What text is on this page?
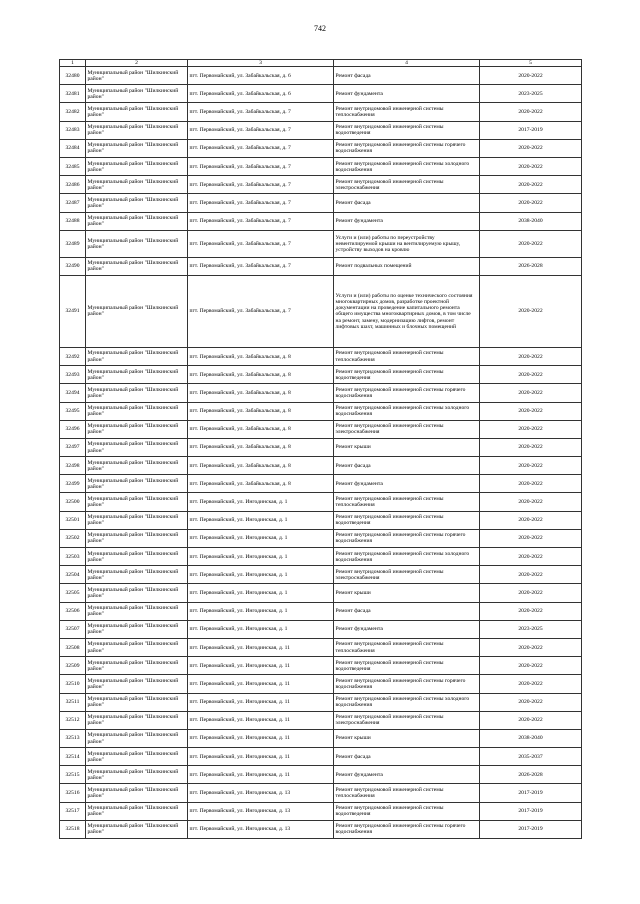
742
1	2	3	4	5
32480	Муниципальный район "Шилкинский район"	пгт. Первомайский, ул. Забайкальская, д. 6	Ремонт фасада	2020-2022
32481	Муниципальный район "Шилкинский район"	пгт. Первомайский, ул. Забайкальская, д. 6	Ремонт фундамента	2023-2025
32482	Муниципальный район "Шилкинский район"	пгт. Первомайский, ул. Забайкальская, д. 7	Ремонт внутридомовой инженерной системы теплоснабжения	2020-2022
32483	Муниципальный район "Шилкинский район"	пгт. Первомайский, ул. Забайкальская, д. 7	Ремонт внутридомовой инженерной системы водоотведения	2017-2019
32484	Муниципальный район "Шилкинский район"	пгт. Первомайский, ул. Забайкальская, д. 7	Ремонт внутридомовой инженерной системы горячего водоснабжения	2020-2022
32485	Муниципальный район "Шилкинский район"	пгт. Первомайский, ул. Забайкальская, д. 7	Ремонт внутридомовой инженерной системы холодного водоснабжения	2020-2022
32486	Муниципальный район "Шилкинский район"	пгт. Первомайский, ул. Забайкальская, д. 7	Ремонт внутридомовой инженерной системы электроснабжения	2020-2022
32487	Муниципальный район "Шилкинский район"	пгт. Первомайский, ул. Забайкальская, д. 7	Ремонт фасада	2020-2022
32488	Муниципальный район "Шилкинский район"	пгт. Первомайский, ул. Забайкальская, д. 7	Ремонт фундамента	2038-2040
32489	Муниципальный район "Шилкинский район"	пгт. Первомайский, ул. Забайкальская, д. 7	Услуги и (или) работы по переустройству невентилируемой крыши на вентилируемую крышу, устройству выходов на кровлю	2020-2022
32490	Муниципальный район "Шилкинский район"	пгт. Первомайский, ул. Забайкальская, д. 7	Ремонт подвальных помещений	2026-2028
32491	Муниципальный район "Шилкинский район"	пгт. Первомайский, ул. Забайкальская, д. 7	Услуги и (или) работы по оценке технического состояния многоквартирных домов, разработке проектной документации на проведение капитального ремонта общего имущества многоквартирных домов, в том числе на ремонт, замену, модернизацию лифтов, ремонт лифтовых шахт, машинных и блочных помещений	2020-2022
32492	Муниципальный район "Шилкинский район"	пгт. Первомайский, ул. Забайкальская, д. 8	Ремонт внутридомовой инженерной системы теплоснабжения	2020-2022
32493	Муниципальный район "Шилкинский район"	пгт. Первомайский, ул. Забайкальская, д. 8	Ремонт внутридомовой инженерной системы водоотведения	2020-2022
32494	Муниципальный район "Шилкинский район"	пгт. Первомайский, ул. Забайкальская, д. 8	Ремонт внутридомовой инженерной системы горячего водоснабжения	2020-2022
32495	Муниципальный район "Шилкинский район"	пгт. Первомайский, ул. Забайкальская, д. 8	Ремонт внутридомовой инженерной системы холодного водоснабжения	2020-2022
32496	Муниципальный район "Шилкинский район"	пгт. Первомайский, ул. Забайкальская, д. 8	Ремонт внутридомовой инженерной системы электроснабжения	2020-2022
32497	Муниципальный район "Шилкинский район"	пгт. Первомайский, ул. Забайкальская, д. 8	Ремонт крыши	2020-2022
32498	Муниципальный район "Шилкинский район"	пгт. Первомайский, ул. Забайкальская, д. 8	Ремонт фасада	2020-2022
32499	Муниципальный район "Шилкинский район"	пгт. Первомайский, ул. Забайкальская, д. 8	Ремонт фундамента	2020-2022
32500	Муниципальный район "Шилкинский район"	пгт. Первомайский, ул. Ингодинская, д. 1	Ремонт внутридомовой инженерной системы теплоснабжения	2020-2022
32501	Муниципальный район "Шилкинский район"	пгт. Первомайский, ул. Ингодинская, д. 1	Ремонт внутридомовой инженерной системы водоотведения	2020-2022
32502	Муниципальный район "Шилкинский район"	пгт. Первомайский, ул. Ингодинская, д. 1	Ремонт внутридомовой инженерной системы горячего водоснабжения	2020-2022
32503	Муниципальный район "Шилкинский район"	пгт. Первомайский, ул. Ингодинская, д. 1	Ремонт внутридомовой инженерной системы холодного водоснабжения	2020-2022
32504	Муниципальный район "Шилкинский район"	пгт. Первомайский, ул. Ингодинская, д. 1	Ремонт внутридомовой инженерной системы электроснабжения	2020-2022
32505	Муниципальный район "Шилкинский район"	пгт. Первомайский, ул. Ингодинская, д. 1	Ремонт крыши	2020-2022
32506	Муниципальный район "Шилкинский район"	пгт. Первомайский, ул. Ингодинская, д. 1	Ремонт фасада	2020-2022
32507	Муниципальный район "Шилкинский район"	пгт. Первомайский, ул. Ингодинская, д. 1	Ремонт фундамента	2023-2025
32508	Муниципальный район "Шилкинский район"	пгт. Первомайский, ул. Ингодинская, д. 11	Ремонт внутридомовой инженерной системы теплоснабжения	2020-2022
32509	Муниципальный район "Шилкинский район"	пгт. Первомайский, ул. Ингодинская, д. 11	Ремонт внутридомовой инженерной системы водоотведения	2020-2022
32510	Муниципальный район "Шилкинский район"	пгт. Первомайский, ул. Ингодинская, д. 11	Ремонт внутридомовой инженерной системы горячего водоснабжения	2020-2022
32511	Муниципальный район "Шилкинский район"	пгт. Первомайский, ул. Ингодинская, д. 11	Ремонт внутридомовой инженерной системы холодного водоснабжения	2020-2022
32512	Муниципальный район "Шилкинский район"	пгт. Первомайский, ул. Ингодинская, д. 11	Ремонт внутридомовой инженерной системы электроснабжения	2020-2022
32513	Муниципальный район "Шилкинский район"	пгт. Первомайский, ул. Ингодинская, д. 11	Ремонт крыши	2038-2040
32514	Муниципальный район "Шилкинский район"	пгт. Первомайский, ул. Ингодинская, д. 11	Ремонт фасада	2035-2037
32515	Муниципальный район "Шилкинский район"	пгт. Первомайский, ул. Ингодинская, д. 11	Ремонт фундамента	2026-2028
32516	Муниципальный район "Шилкинский район"	пгт. Первомайский, ул. Ингодинская, д. 13	Ремонт внутридомовой инженерной системы теплоснабжения	2017-2019
32517	Муниципальный район "Шилкинский район"	пгт. Первомайский, ул. Ингодинская, д. 13	Ремонт внутридомовой инженерной системы водоотведения	2017-2019
32518	Муниципальный район "Шилкинский район"	пгт. Первомайский, ул. Ингодинская, д. 13	Ремонт внутридомовой инженерной системы горячего водоснабжения	2017-2019
